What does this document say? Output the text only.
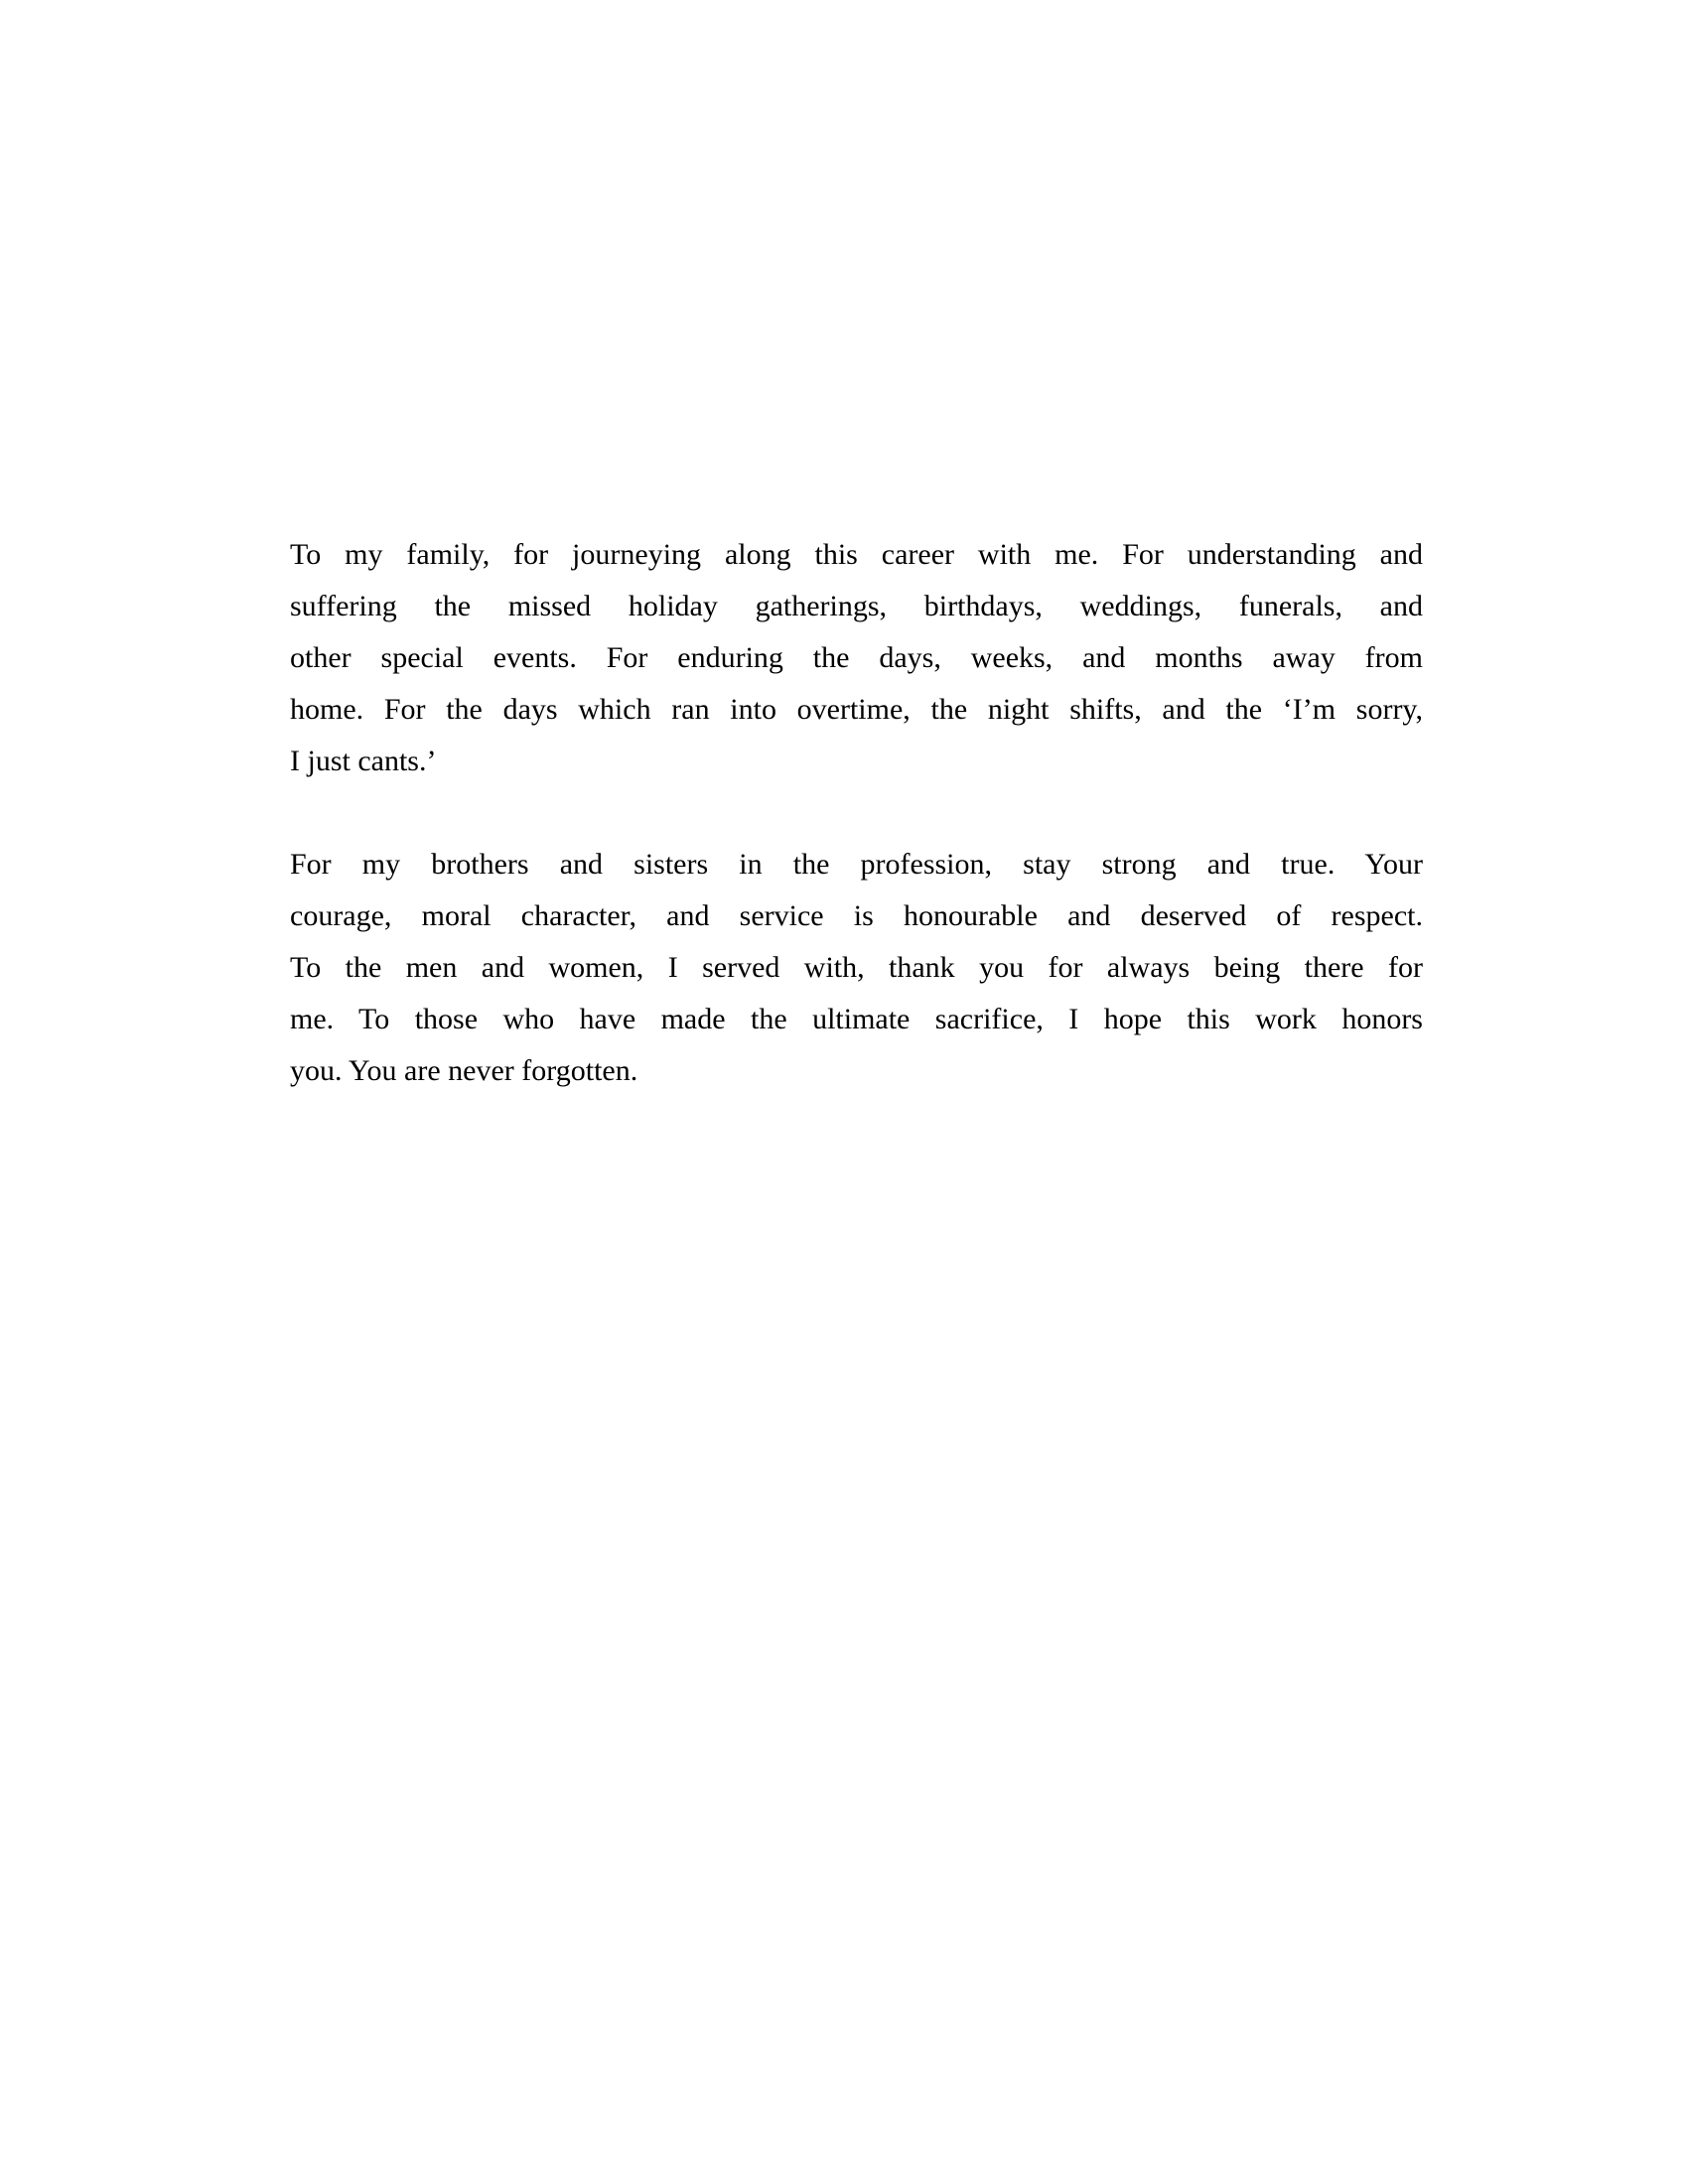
To my family, for journeying along this career with me. For understanding and
suffering the missed holiday gatherings, birthdays, weddings, funerals, and
other special events. For enduring the days, weeks, and months away from
home. For the days which ran into overtime, the night shifts, and the ‘I’m sorry,
I just cants.’
For my brothers and sisters in the profession, stay strong and true. Your
courage, moral character, and service is honourable and deserved of respect.
To the men and women, I served with, thank you for always being there for
me. To those who have made the ultimate sacrifice, I hope this work honors
you. You are never forgotten.
